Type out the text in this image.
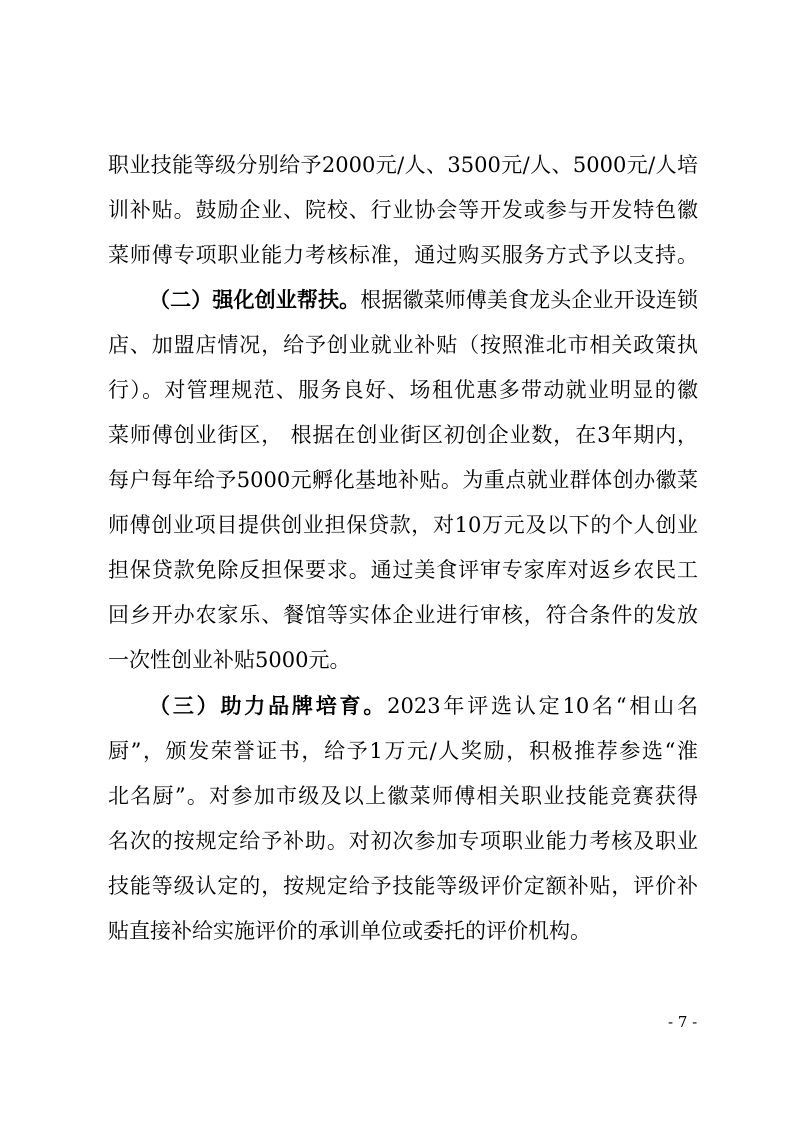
职业技能等级分别给予2000元/人、3500元/人、5000元/人培
训补贴。鼓励企业、院校、行业协会等开发或参与开发特色徽
菜师傅专项职业能力考核标准，通过购买服务方式予以支持。
（二）强化创业帮扶。根据徽菜师傅美食龙头企业开设连锁
店、加盟店情况，给予创业就业补贴（按照淮北市相关政策执
行）。对管理规范、服务良好、场租优惠多带动就业明显的徽
菜师傅创业街区， 根据在创业街区初创企业数，在3年期内，
每户每年给予5000元孵化基地补贴。为重点就业群体创办徽菜
师傅创业项目提供创业担保贷款，对10万元及以下的个人创业
担保贷款免除反担保要求。通过美食评审专家库对返乡农民工
回乡开办农家乐、餐馆等实体企业进行审核，符合条件的发放
一次性创业补贴5000元。
（三）助力品牌培育。2023年评选认定10名“相山名
厨”，颁发荣誉证书，给予1万元/人奖励，积极推荐参选“淮
北名厨”。对参加市级及以上徽菜师傅相关职业技能竞赛获得
名次的按规定给予补助。对初次参加专项职业能力考核及职业
技能等级认定的，按规定给予技能等级评价定额补贴，评价补
贴直接补给实施评价的承训单位或委托的评价机构。
- 7 -
